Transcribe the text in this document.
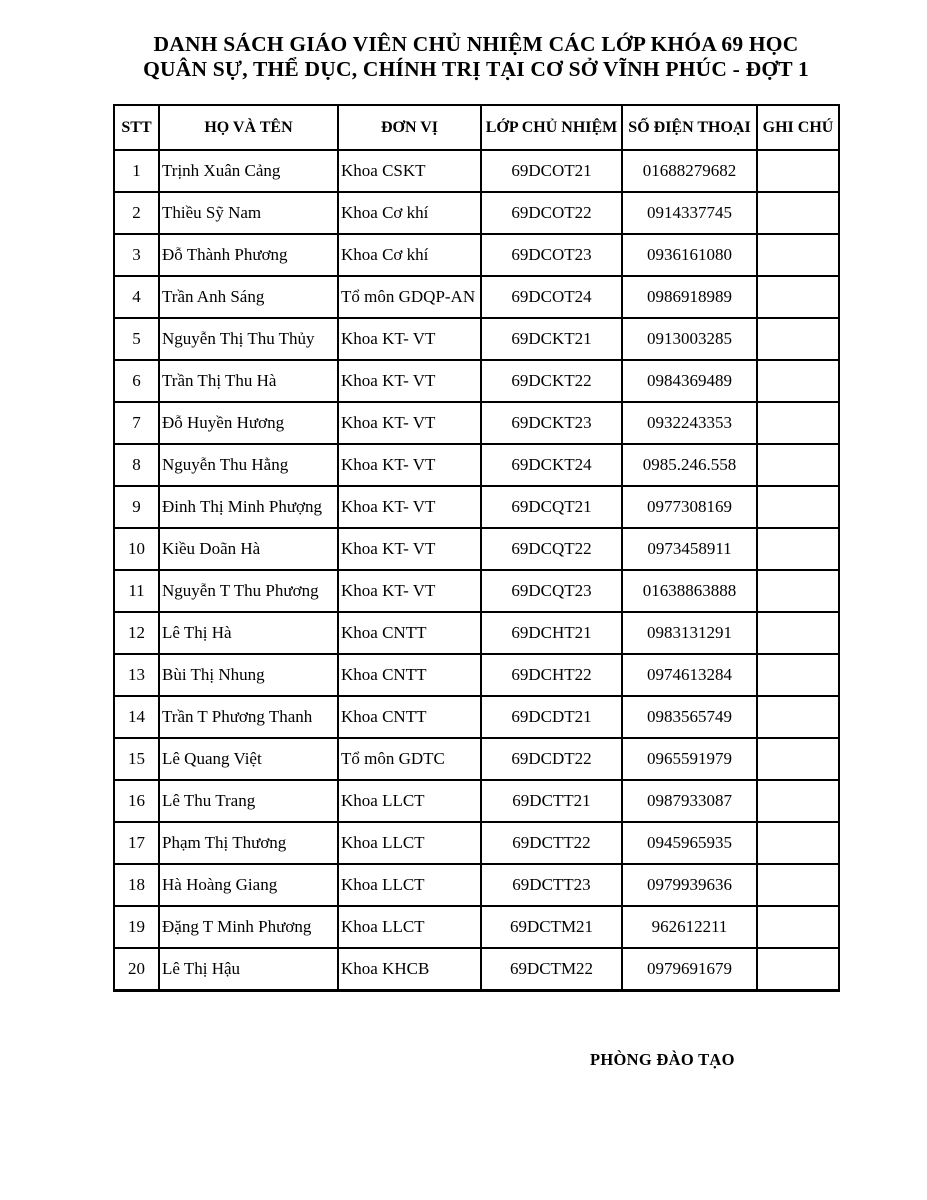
DANH SÁCH GIÁO VIÊN CHỦ NHIỆM CÁC LỚP KHÓA 69 HỌC
QUÂN SỰ, THỂ DỤC, CHÍNH TRỊ TẠI CƠ SỞ VĨNH PHÚC - ĐỢT 1
STT	HỌ VÀ TÊN	ĐƠN VỊ	LỚP CHỦ NHIỆM	SỐ ĐIỆN THOẠI	GHI CHÚ
1	Trịnh Xuân Cảng	Khoa CSKT	69DCOT21	01688279682	
2	Thiều Sỹ Nam	Khoa Cơ khí	69DCOT22	0914337745	
3	Đỗ Thành Phương	Khoa Cơ khí	69DCOT23	0936161080	
4	Trần Anh Sáng	Tổ môn GDQP-AN	69DCOT24	0986918989	
5	Nguyễn Thị Thu Thủy	Khoa KT- VT	69DCKT21	0913003285	
6	Trần Thị Thu Hà	Khoa KT- VT	69DCKT22	0984369489	
7	Đỗ Huyền Hương	Khoa KT- VT	69DCKT23	0932243353	
8	Nguyễn Thu Hằng	Khoa KT- VT	69DCKT24	0985.246.558	
9	Đinh Thị Minh Phượng	Khoa KT- VT	69DCQT21	0977308169	
10	Kiều Doãn Hà	Khoa KT- VT	69DCQT22	0973458911	
11	Nguyễn T Thu Phương	Khoa KT- VT	69DCQT23	01638863888	
12	Lê Thị Hà	Khoa CNTT	69DCHT21	0983131291	
13	Bùi Thị Nhung	Khoa CNTT	69DCHT22	0974613284	
14	Trần T Phương Thanh	Khoa CNTT	69DCDT21	0983565749	
15	Lê Quang Việt	Tổ môn GDTC	69DCDT22	0965591979	
16	Lê Thu Trang	Khoa LLCT	69DCTT21	0987933087	
17	Phạm Thị Thương	Khoa LLCT	69DCTT22	0945965935	
18	Hà Hoàng Giang	Khoa LLCT	69DCTT23	0979939636	
19	Đặng T Minh Phương	Khoa LLCT	69DCTM21	962612211	
20	Lê Thị Hậu	Khoa KHCB	69DCTM22	0979691679	
PHÒNG ĐÀO TẠO
